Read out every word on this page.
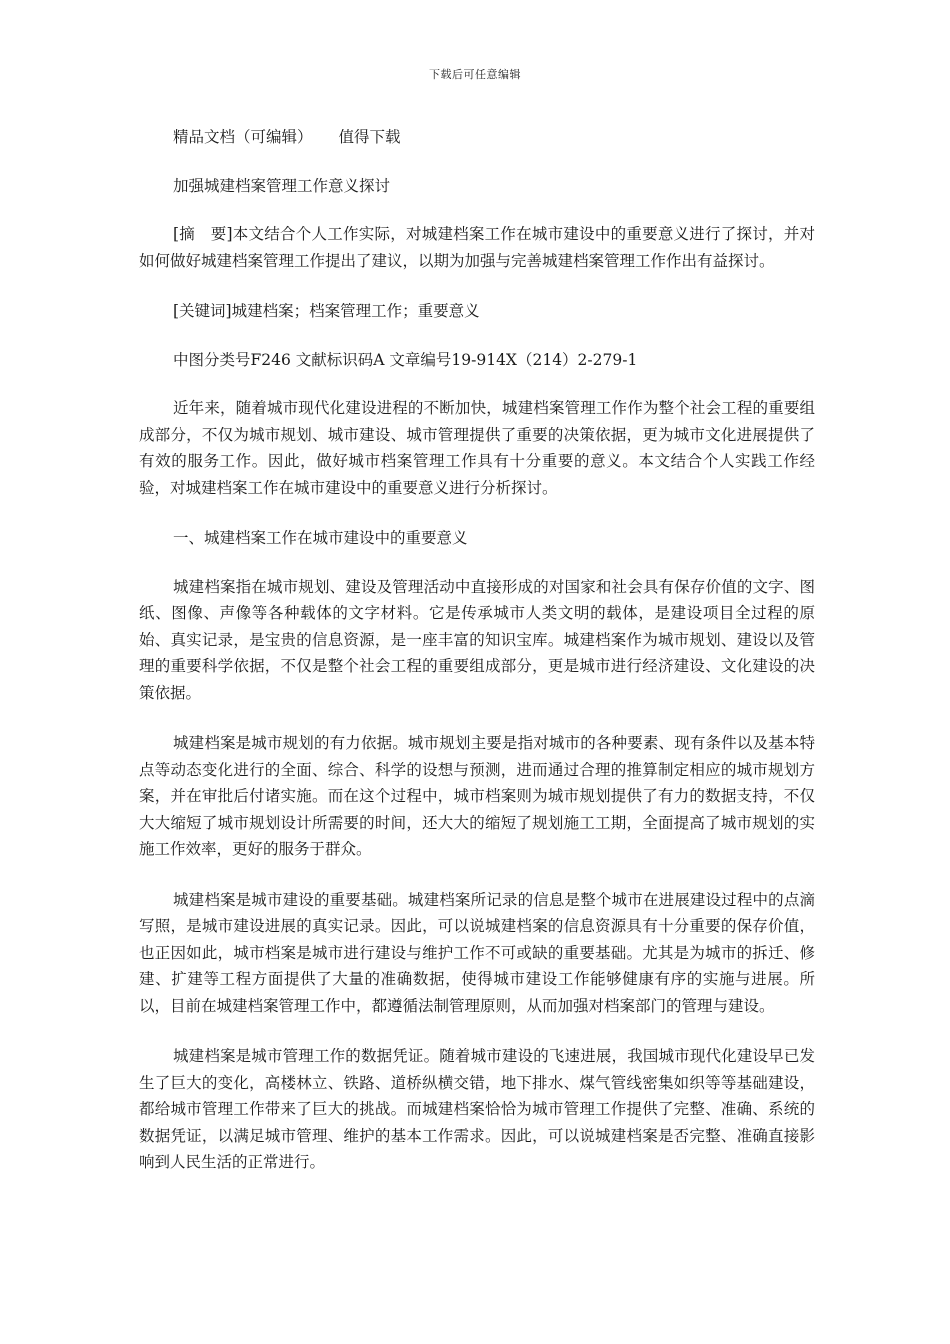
下载后可任意编辑

精品文档（可编辑） 值得下载

加强城建档案管理工作意义探讨

[摘　要]本文结合个人工作实际，对城建档案工作在城市建设中的重要意义进行了探讨，并对如何做好城建档案管理工作提出了建议，以期为加强与完善城建档案管理工作作出有益探讨。

[关键词]城建档案；档案管理工作；重要意义

中图分类号F246 文献标识码A 文章编号19-914X（214）2-279-1

近年来，随着城市现代化建设进程的不断加快，城建档案管理工作作为整个社会工程的重要组成部分，不仅为城市规划、城市建设、城市管理提供了重要的决策依据，更为城市文化进展提供了有效的服务工作。因此，做好城市档案管理工作具有十分重要的意义。本文结合个人实践工作经验，对城建档案工作在城市建设中的重要意义进行分析探讨。

一、城建档案工作在城市建设中的重要意义

城建档案指在城市规划、建设及管理活动中直接形成的对国家和社会具有保存价值的文字、图纸、图像、声像等各种载体的文字材料。它是传承城市人类文明的载体，是建设项目全过程的原始、真实记录，是宝贵的信息资源，是一座丰富的知识宝库。城建档案作为城市规划、建设以及管理的重要科学依据，不仅是整个社会工程的重要组成部分，更是城市进行经济建设、文化建设的决策依据。

城建档案是城市规划的有力依据。城市规划主要是指对城市的各种要素、现有条件以及基本特点等动态变化进行的全面、综合、科学的设想与预测，进而通过合理的推算制定相应的城市规划方案，并在审批后付诸实施。而在这个过程中，城市档案则为城市规划提供了有力的数据支持，不仅大大缩短了城市规划设计所需要的时间，还大大的缩短了规划施工工期，全面提高了城市规划的实施工作效率，更好的服务于群众。

城建档案是城市建设的重要基础。城建档案所记录的信息是整个城市在进展建设过程中的点滴写照，是城市建设进展的真实记录。因此，可以说城建档案的信息资源具有十分重要的保存价值，也正因如此，城市档案是城市进行建设与维护工作不可或缺的重要基础。尤其是为城市的拆迁、修建、扩建等工程方面提供了大量的准确数据，使得城市建设工作能够健康有序的实施与进展。所以，目前在城建档案管理工作中，都遵循法制管理原则，从而加强对档案部门的管理与建设。

城建档案是城市管理工作的数据凭证。随着城市建设的飞速进展，我国城市现代化建设早已发生了巨大的变化，高楼林立、铁路、道桥纵横交错，地下排水、煤气管线密集如织等等基础建设，都给城市管理工作带来了巨大的挑战。而城建档案恰恰为城市管理工作提供了完整、准确、系统的数据凭证，以满足城市管理、维护的基本工作需求。因此，可以说城建档案是否完整、准确直接影响到人民生活的正常进行。
